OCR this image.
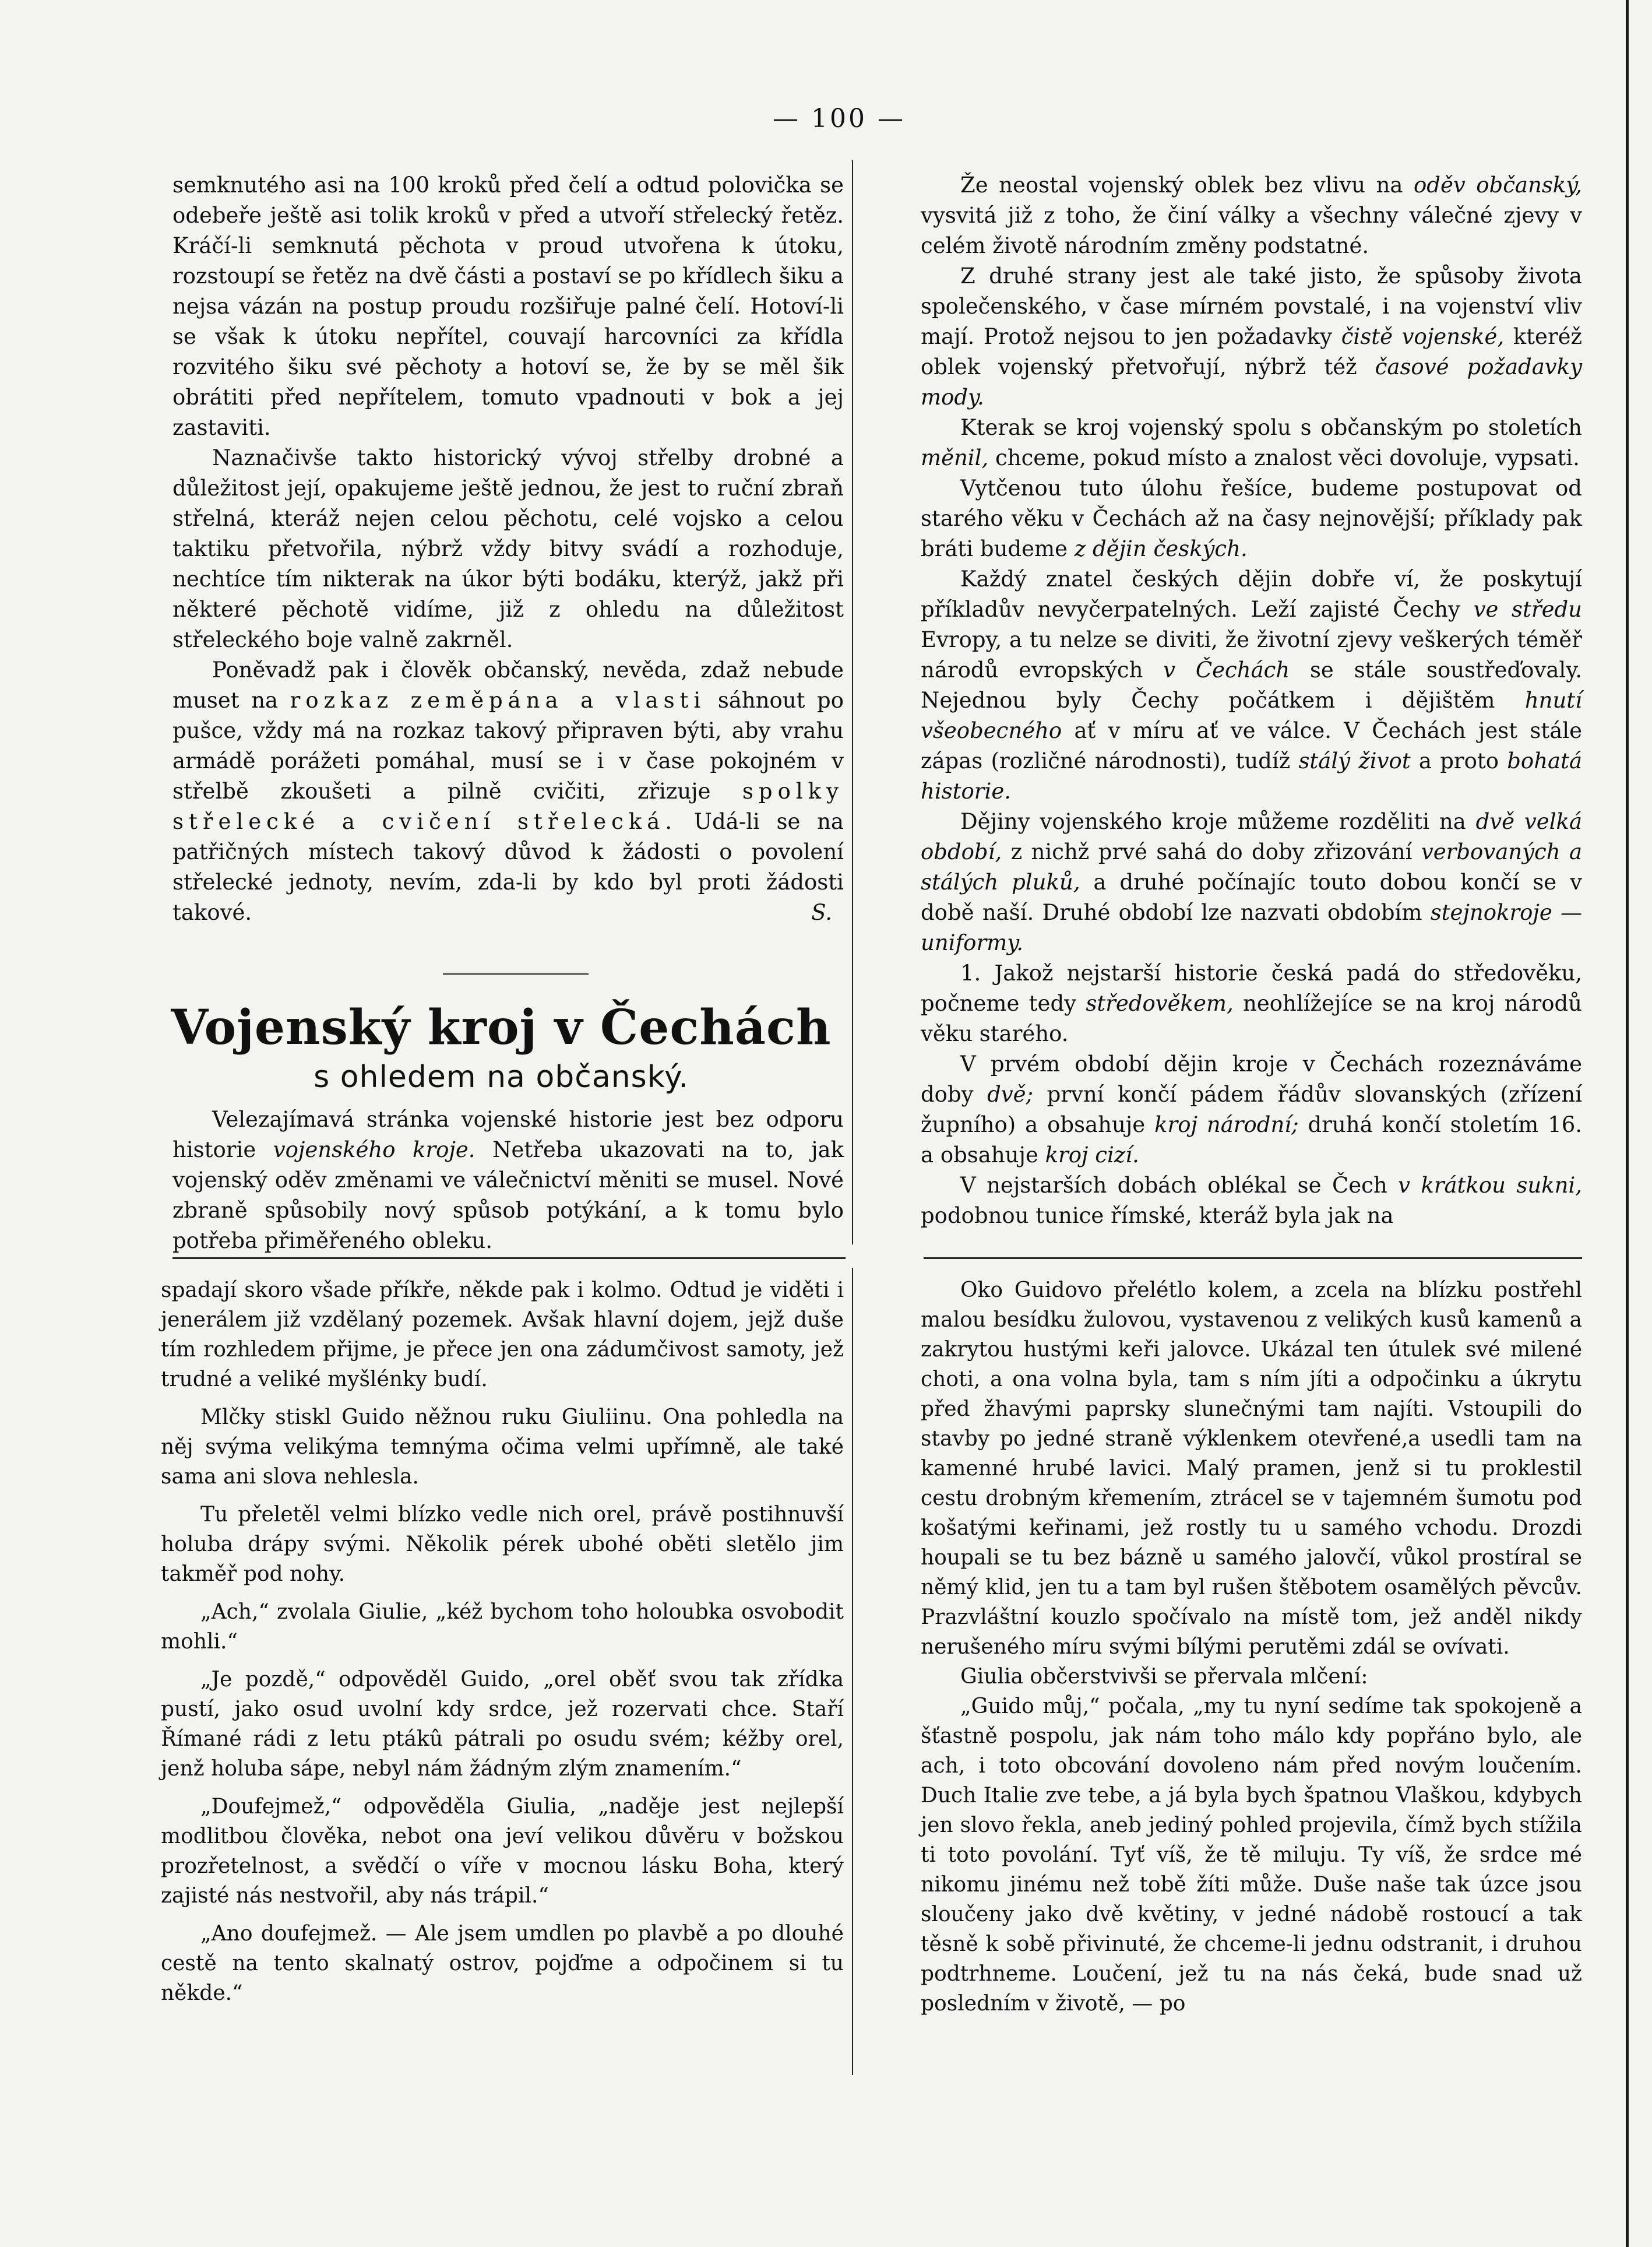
— 100 —

semknutého asi na 100 kroků před čelí a odtud polovička se odebeře ještě asi tolik kroků v před a utvoří střelecký řetěz. Kráčí-li semknutá pěchota v proud utvořena k útoku, rozstoupí se řetěz na dvě části a postaví se po křídlech šiku a nejsa vázán na postup proudu rozšiřuje palné čelí. Hotoví-li se však k útoku nepřítel, couvají harcovníci za křídla rozvitého šiku své pěchoty a hotoví se, že by se měl šik obrátiti před nepřítelem, tomuto vpadnouti v bok a jej zastaviti.

Naznačivše takto historický vývoj střelby drobné a důležitost její, opakujeme ještě jednou, že jest to ruční zbraň střelná, kteráž nejen celou pěchotu, celé vojsko a celou taktiku přetvořila, nýbrž vždy bitvy svádí a rozhoduje, nechtíce tím nikterak na úkor býti bodáku, kterýž, jakž při některé pěchotě vidíme, již z ohledu na důležitost střeleckého boje valně zakrněl.

Poněvadž pak i člověk občanský, nevěda, zdaž nebude muset na rozkaz zeměpána a vlasti sáhnout po pušce, vždy má na rozkaz takový připraven býti, aby vrahu armádě porážeti pomáhal, musí se i v čase pokojném v střelbě zkoušeti a pilně cvičiti, zřizuje spolky střelecké a cvičení střelecká. Udá-li se na patřičných místech takový důvod k žádosti o povolení střelecké jednoty, nevím, zda-li by kdo byl proti žádosti takové.	S.

Vojenský kroj v Čechách
s ohledem na občanský.

Velezajímavá stránka vojenské historie jest bez odporu historie vojenského kroje. Netřeba ukazovati na to, jak vojenský oděv změnami ve válečnictví měniti se musel. Nové zbraně spůsobily nový spůsob potýkání, a k tomu bylo potřeba přiměřeného obleku.

Že neostal vojenský oblek bez vlivu na oděv občanský, vysvitá již z toho, že činí války a všechny válečné zjevy v celém životě národním změny podstatné.

Z druhé strany jest ale také jisto, že spůsoby života společenského, v čase mírném povstalé, i na vojenství vliv mají. Protož nejsou to jen požadavky čistě vojenské, kteréž oblek vojenský přetvořují, nýbrž též časové požadavky mody.

Kterak se kroj vojenský spolu s občanským po stoletích měnil, chceme, pokud místo a znalost věci dovoluje, vypsati.

Vytčenou tuto úlohu řešíce, budeme postupovat od starého věku v Čechách až na časy nejnovější; příklady pak bráti budeme z dějin českých.

Každý znatel českých dějin dobře ví, že poskytují příkladův nevyčerpatelných. Leží zajisté Čechy ve středu Evropy, a tu nelze se diviti, že životní zjevy veškerých téměř národů evropských v Čechách se stále soustřeďovaly. Nejednou byly Čechy počátkem i dějištěm hnutí všeobecného ať v míru ať ve válce. V Čechách jest stále zápas (rozličné národnosti), tudíž stálý život a proto bohatá historie.

Dějiny vojenského kroje můžeme rozděliti na dvě velká období, z nichž prvé sahá do doby zřizování verbovaných a stálých pluků, a druhé počínajíc touto dobou končí se v době naší. Druhé období lze nazvati obdobím stejnokroje — uniformy.

1. Jakož nejstarší historie česká padá do středověku, počneme tedy středověkem, neohlížejíce se na kroj národů věku starého.

V prvém období dějin kroje v Čechách rozeznáváme doby dvě; první končí pádem řádův slovanských (zřízení župního) a obsahuje kroj národní; druhá končí stoletím 16. a obsahuje kroj cizí.

V nejstarších dobách oblékal se Čech v krátkou sukni, podobnou tunice římské, kteráž byla jak na

spadají skoro všade příkře, někde pak i kolmo. Odtud je viděti i jenerálem již vzdělaný pozemek. Avšak hlavní dojem, jejž duše tím rozhledem přijme, je přece jen ona zádumčivost samoty, jež trudné a veliké myšlénky budí.

Mlčky stiskl Guido něžnou ruku Giuliinu. Ona pohledla na něj svýma velikýma temnýma očima velmi upřímně, ale také sama ani slova nehlesla.

Tu přeletěl velmi blízko vedle nich orel, právě postihnuvší holuba drápy svými. Několik pérek ubohé oběti sletělo jim takměř pod nohy.

„Ach,“ zvolala Giulie, „kéž bychom toho holoubka osvobodit mohli.“

„Je pozdě,“ odpověděl Guido, „orel oběť svou tak zřídka pustí, jako osud uvolní kdy srdce, jež rozervati chce. Staří Římané rádi z letu ptákû pátrali po osudu svém; kéžby orel, jenž holuba sápe, nebyl nám žádným zlým znamením.“

„Doufejmež,“ odpověděla Giulia, „naděje jest nejlepší modlitbou člověka, nebot ona jeví velikou důvěru v božskou prozřetelnost, a svědčí o víře v mocnou lásku Boha, který zajisté nás nestvořil, aby nás trápil.“

„Ano doufejmež. — Ale jsem umdlen po plavbě a po dlouhé cestě na tento skalnatý ostrov, pojďme a odpočinem si tu někde.“

Oko Guidovo přelétlo kolem, a zcela na blízku postřehl malou besídku žulovou, vystavenou z velikých kusů kamenů a zakrytou hustými keři jalovce. Ukázal ten útulek své milené choti, a ona volna byla, tam s ním jíti a odpočinku a úkrytu před žhavými paprsky slunečnými tam najíti. Vstoupili do stavby po jedné straně výklenkem otevřené,a usedli tam na kamenné hrubé lavici. Malý pramen, jenž si tu proklestil cestu drobným křemením, ztrácel se v tajemném šumotu pod košatými keřinami, jež rostly tu u samého vchodu. Drozdi houpali se tu bez bázně u samého jalovčí, vůkol prostíral se němý klid, jen tu a tam byl rušen štěbotem osamělých pěvcův. Prazvláštní kouzlo spočívalo na místě tom, jež anděl nikdy nerušeného míru svými bílými perutěmi zdál se ovívati.

Giulia občerstvivši se přervala mlčení:

„Guido můj,“ počala, „my tu nyní sedíme tak spokojeně a šťastně pospolu, jak nám toho málo kdy popřáno bylo, ale ach, i toto obcování dovoleno nám před novým loučením. Duch Italie zve tebe, a já byla bych špatnou Vlaškou, kdybych jen slovo řekla, aneb jediný pohled projevila, čímž bych stížila ti toto povolání. Tyť víš, že tě miluju. Ty víš, že srdce mé nikomu jinému než tobě žíti může. Duše naše tak úzce jsou sloučeny jako dvě květiny, v jedné nádobě rostoucí a tak těsně k sobě přivinuté, že chceme-li jednu odstranit, i druhou podtrhneme. Loučení, jež tu na nás čeká, bude snad už posledním v životě, — po
